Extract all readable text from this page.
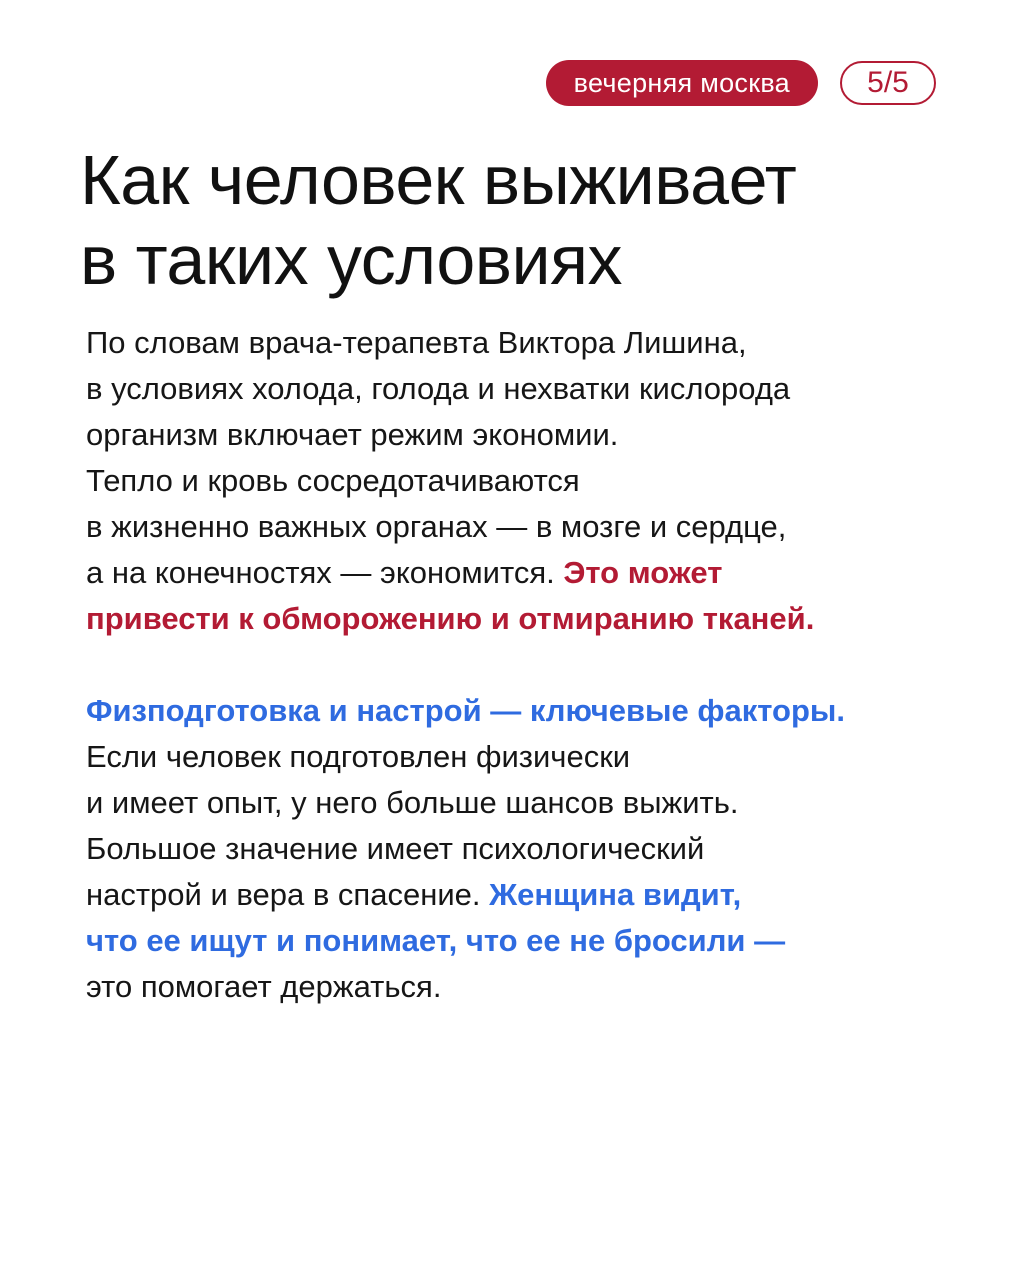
вечерняя москва	5/5
Как человек выживает
в таких условиях

По словам врача-терапевта Виктора Лишина,
в условиях холода, голода и нехватки кислорода
организм включает режим экономии.
Тепло и кровь сосредотачиваются
в жизненно важных органах — в мозге и сердце,
а на конечностях — экономится. Это может
привести к обморожению и отмиранию тканей.

Физподготовка и настрой — ключевые факторы.
Если человек подготовлен физически
и имеет опыт, у него больше шансов выжить.
Большое значение имеет психологический
настрой и вера в спасение. Женщина видит,
что ее ищут и понимает, что ее не бросили —
это помогает держаться.
